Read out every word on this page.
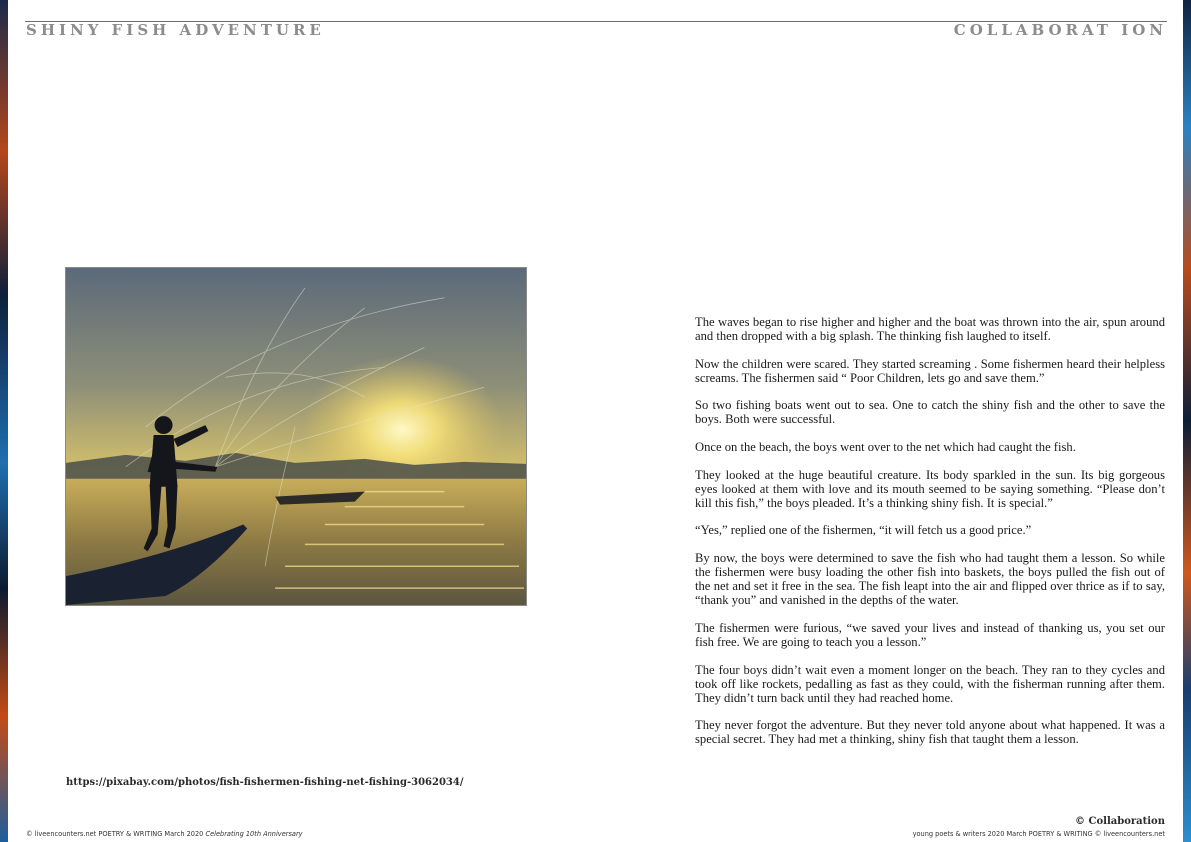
SHINY FISH ADVENTURE	COLLABORAT ION
https://pixabay.com/photos/fish-fishermen-fishing-net-fishing-3062034/

The waves began to rise higher and higher and the boat was thrown into the air, spun around and then dropped with a big splash. The thinking fish laughed to itself.

Now the children were scared. They started screaming . Some fishermen heard their helpless screams. The fishermen said “ Poor Children, lets go and save them.”

So two fishing boats went out to sea. One to catch the shiny fish and the other to save the boys. Both were successful.

Once on the beach, the boys went over to the net which had caught the fish.

They looked at the huge beautiful creature. Its body sparkled in the sun. Its big gorgeous eyes looked at them with love and its mouth seemed to be saying something. “Please don’t kill this fish,” the boys pleaded. It’s a thinking shiny fish. It is special.”

“Yes,” replied one of the fishermen, “it will fetch us a good price.”

By now, the boys were determined to save the fish who had taught them a lesson. So while the fishermen were busy loading the other fish into baskets, the boys pulled the fish out of the net and set it free in the sea. The fish leapt into the air and flipped over thrice as if to say, “thank you” and vanished in the depths of the water.

The fishermen were furious, “we saved your lives and instead of thanking us, you set our fish free. We are going to teach you a lesson.”

The four boys didn’t wait even a moment longer on the beach. They ran to they cycles and took off like rockets, pedalling as fast as they could, with the fisherman running after them. They didn’t turn back until they had reached home.

They never forgot the adventure. But they never told anyone about what happened. It was a special secret. They had met a thinking, shiny fish that taught them a lesson.

© Collaboration
© liveencounters.net POETRY & WRITING March 2020 Celebrating 10th Anniversary	young poets & writers 2020 March POETRY & WRITING © liveencounters.net
